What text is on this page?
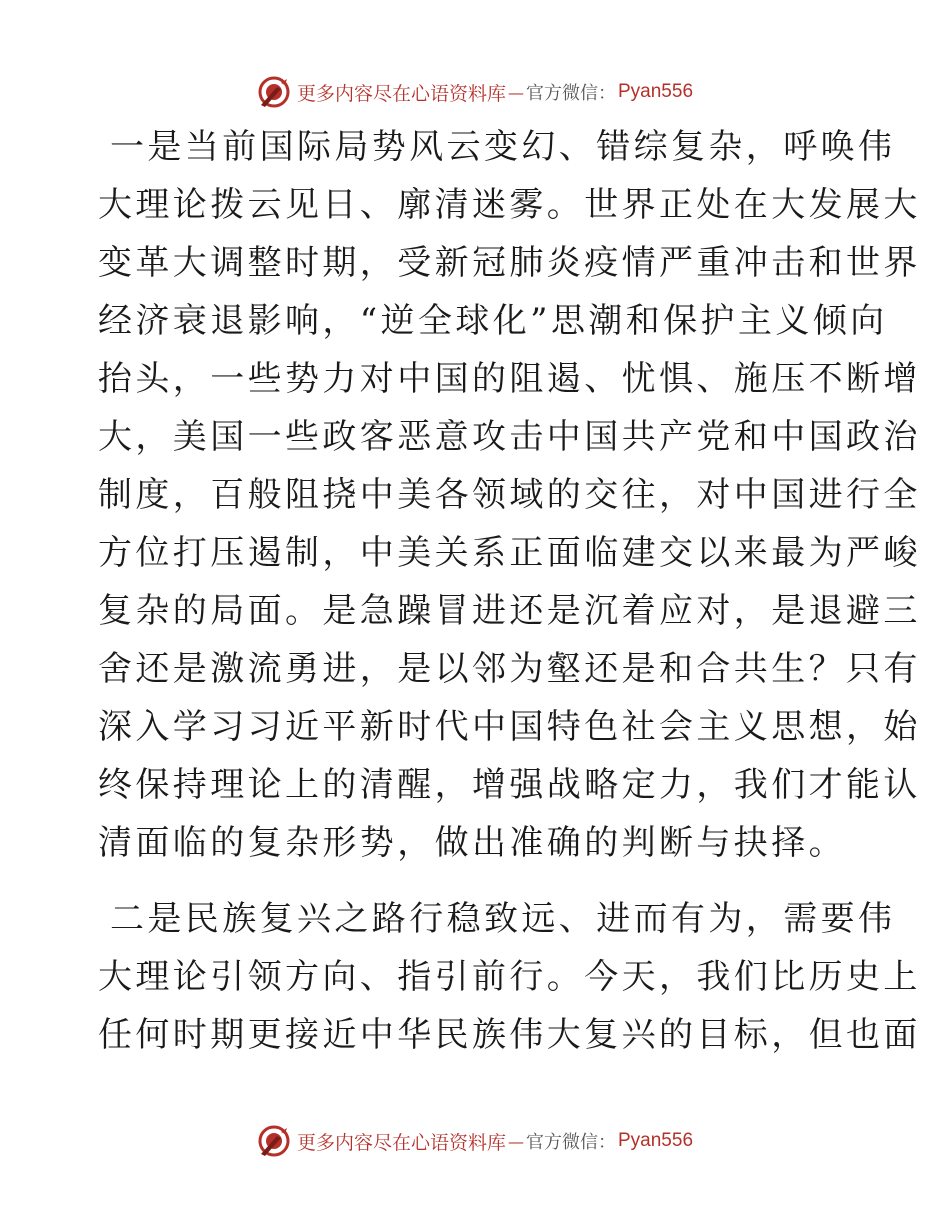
更多内容尽在心语资料库 — 官方微信： Pyan556
一是当前国际局势风云变幻、错综复杂，呼唤伟
大理论拨云见日、廓清迷雾。世界正处在大发展大
变革大调整时期，受新冠肺炎疫情严重冲击和世界
经济衰退影响，“逆全球化”思潮和保护主义倾向
抬头，一些势力对中国的阻遏、忧惧、施压不断增
大，美国一些政客恶意攻击中国共产党和中国政治
制度，百般阻挠中美各领域的交往，对中国进行全
方位打压遏制，中美关系正面临建交以来最为严峻
复杂的局面。是急躁冒进还是沉着应对，是退避三
舍还是激流勇进，是以邻为壑还是和合共生？只有
深入学习习近平新时代中国特色社会主义思想，始
终保持理论上的清醒，增强战略定力，我们才能认
清面临的复杂形势，做出准确的判断与抉择。
二是民族复兴之路行稳致远、进而有为，需要伟
大理论引领方向、指引前行。今天，我们比历史上
任何时期更接近中华民族伟大复兴的目标，但也面
更多内容尽在心语资料库 — 官方微信： Pyan556
